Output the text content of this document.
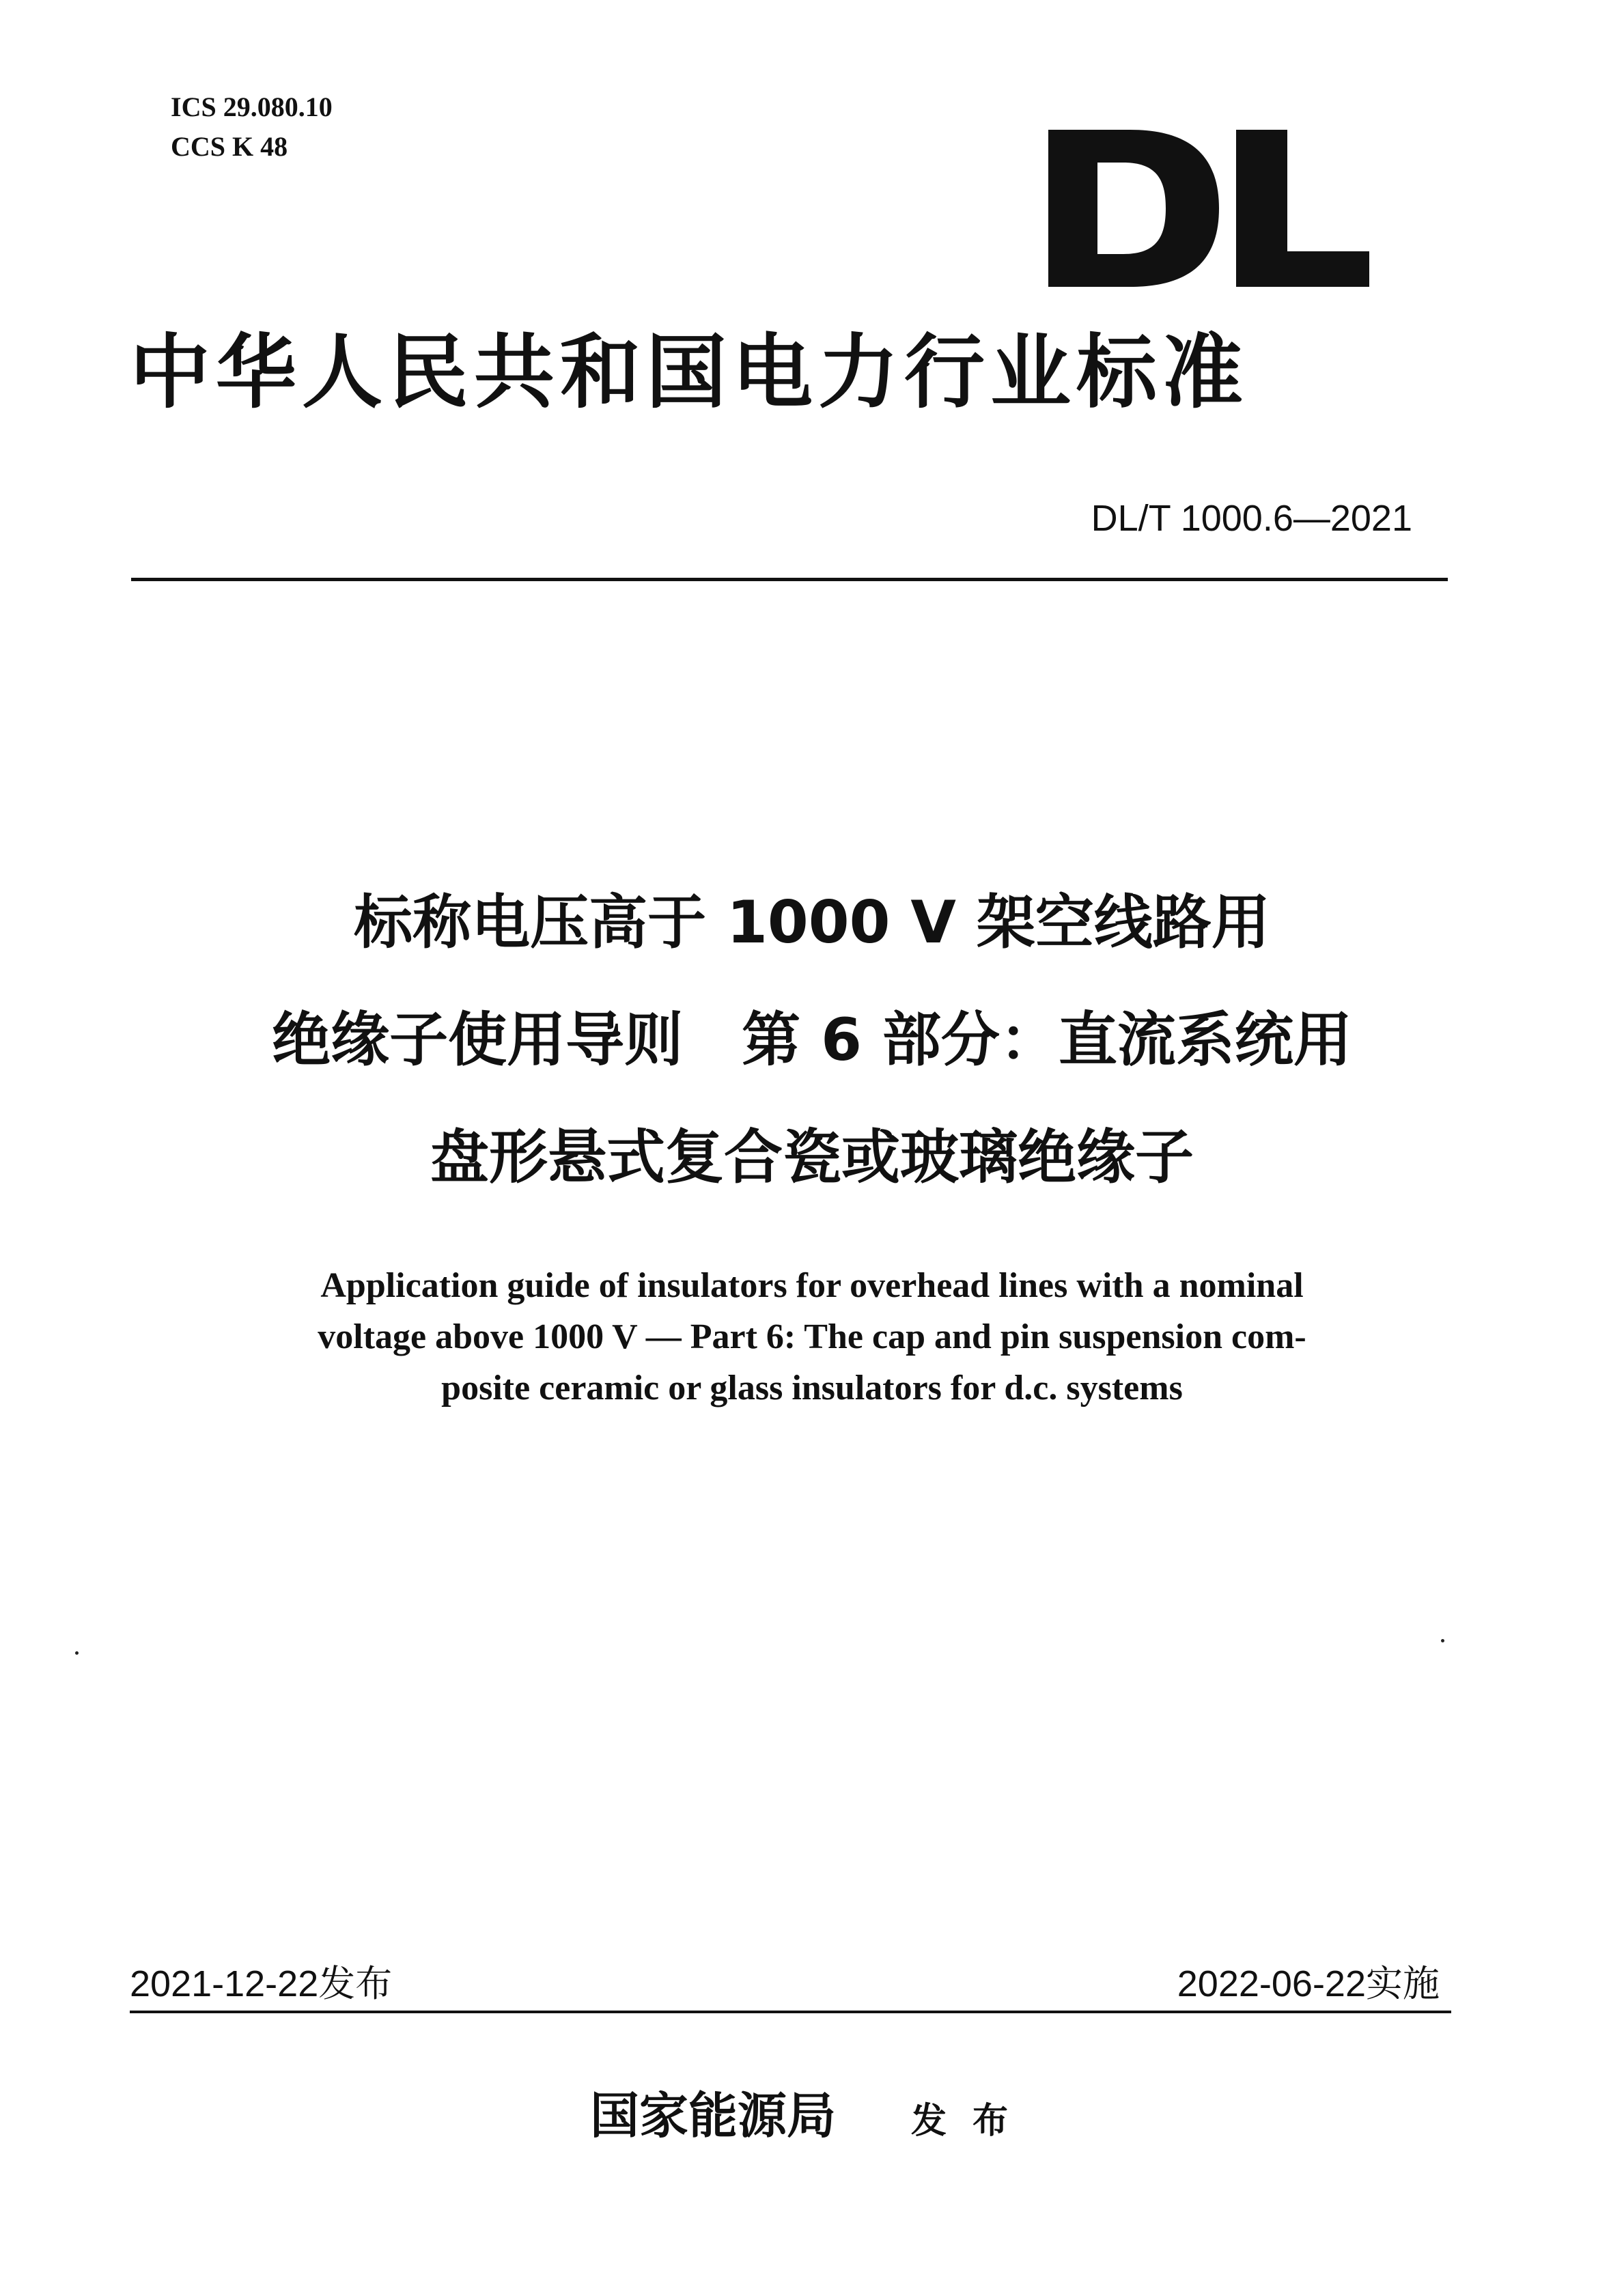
ICS 29.080.10
CCS K 48
中华人民共和国电力行业标准
DL/T 1000.6—2021
标称电压高于 1000 V 架空线路用
绝缘子使用导则　第 6 部分：直流系统用
盘形悬式复合瓷或玻璃绝缘子
Application guide of insulators for overhead lines with a nominal
voltage above 1000 V — Part 6: The cap and pin suspension com-
posite ceramic or glass insulators for d.c. systems
2021-12-22发布	2022-06-22实施
国家能源局 发布
